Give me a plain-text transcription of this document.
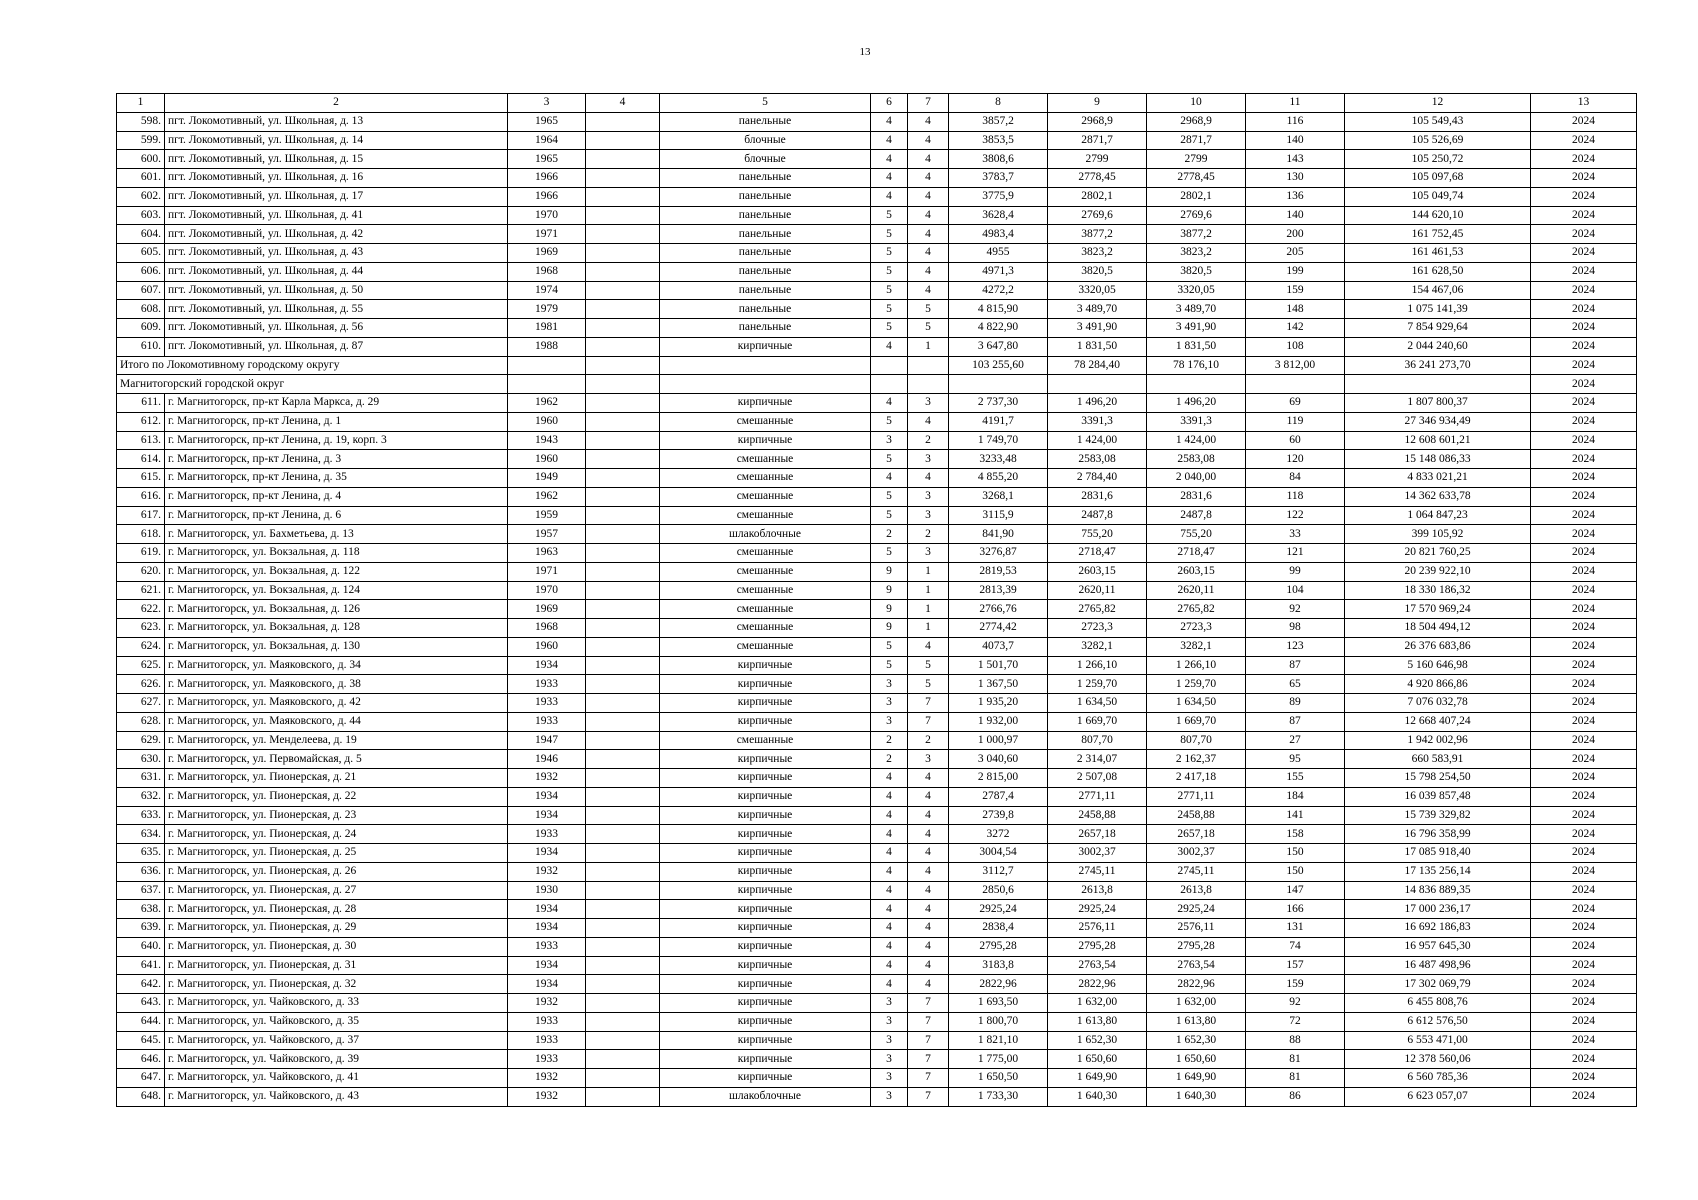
13
1	2	3	4	5	6	7	8	9	10	11	12	13
598.	пгт. Локомотивный, ул. Школьная, д. 13	1965		панельные	4	4	3857,2	2968,9	2968,9	116	105 549,43	2024
599.	пгт. Локомотивный, ул. Школьная, д. 14	1964		блочные	4	4	3853,5	2871,7	2871,7	140	105 526,69	2024
600.	пгт. Локомотивный, ул. Школьная, д. 15	1965		блочные	4	4	3808,6	2799	2799	143	105 250,72	2024
601.	пгт. Локомотивный, ул. Школьная, д. 16	1966		панельные	4	4	3783,7	2778,45	2778,45	130	105 097,68	2024
602.	пгт. Локомотивный, ул. Школьная, д. 17	1966		панельные	4	4	3775,9	2802,1	2802,1	136	105 049,74	2024
603.	пгт. Локомотивный, ул. Школьная, д. 41	1970		панельные	5	4	3628,4	2769,6	2769,6	140	144 620,10	2024
604.	пгт. Локомотивный, ул. Школьная, д. 42	1971		панельные	5	4	4983,4	3877,2	3877,2	200	161 752,45	2024
605.	пгт. Локомотивный, ул. Школьная, д. 43	1969		панельные	5	4	4955	3823,2	3823,2	205	161 461,53	2024
606.	пгт. Локомотивный, ул. Школьная, д. 44	1968		панельные	5	4	4971,3	3820,5	3820,5	199	161 628,50	2024
607.	пгт. Локомотивный, ул. Школьная, д. 50	1974		панельные	5	4	4272,2	3320,05	3320,05	159	154 467,06	2024
608.	пгт. Локомотивный, ул. Школьная, д. 55	1979		панельные	5	5	4 815,90	3 489,70	3 489,70	148	1 075 141,39	2024
609.	пгт. Локомотивный, ул. Школьная, д. 56	1981		панельные	5	5	4 822,90	3 491,90	3 491,90	142	7 854 929,64	2024
610.	пгт. Локомотивный, ул. Школьная, д. 87	1988		кирпичные	4	1	3 647,80	1 831,50	1 831,50	108	2 044 240,60	2024
Итого по Локомотивному городскому округу							103 255,60	78 284,40	78 176,10	3 812,00	36 241 273,70	2024
Магнитогорский городской округ												2024
611.	г. Магнитогорск, пр-кт Карла Маркса, д. 29	1962		кирпичные	4	3	2 737,30	1 496,20	1 496,20	69	1 807 800,37	2024
612.	г. Магнитогорск, пр-кт Ленина, д. 1	1960		смешанные	5	4	4191,7	3391,3	3391,3	119	27 346 934,49	2024
613.	г. Магнитогорск, пр-кт Ленина, д. 19, корп. 3	1943		кирпичные	3	2	1 749,70	1 424,00	1 424,00	60	12 608 601,21	2024
614.	г. Магнитогорск, пр-кт Ленина, д. 3	1960		смешанные	5	3	3233,48	2583,08	2583,08	120	15 148 086,33	2024
615.	г. Магнитогорск, пр-кт Ленина, д. 35	1949		смешанные	4	4	4 855,20	2 784,40	2 040,00	84	4 833 021,21	2024
616.	г. Магнитогорск, пр-кт Ленина, д. 4	1962		смешанные	5	3	3268,1	2831,6	2831,6	118	14 362 633,78	2024
617.	г. Магнитогорск, пр-кт Ленина, д. 6	1959		смешанные	5	3	3115,9	2487,8	2487,8	122	1 064 847,23	2024
618.	г. Магнитогорск, ул. Бахметьева, д. 13	1957		шлакоблочные	2	2	841,90	755,20	755,20	33	399 105,92	2024
619.	г. Магнитогорск, ул. Вокзальная, д. 118	1963		смешанные	5	3	3276,87	2718,47	2718,47	121	20 821 760,25	2024
620.	г. Магнитогорск, ул. Вокзальная, д. 122	1971		смешанные	9	1	2819,53	2603,15	2603,15	99	20 239 922,10	2024
621.	г. Магнитогорск, ул. Вокзальная, д. 124	1970		смешанные	9	1	2813,39	2620,11	2620,11	104	18 330 186,32	2024
622.	г. Магнитогорск, ул. Вокзальная, д. 126	1969		смешанные	9	1	2766,76	2765,82	2765,82	92	17 570 969,24	2024
623.	г. Магнитогорск, ул. Вокзальная, д. 128	1968		смешанные	9	1	2774,42	2723,3	2723,3	98	18 504 494,12	2024
624.	г. Магнитогорск, ул. Вокзальная, д. 130	1960		смешанные	5	4	4073,7	3282,1	3282,1	123	26 376 683,86	2024
625.	г. Магнитогорск, ул. Маяковского, д. 34	1934		кирпичные	5	5	1 501,70	1 266,10	1 266,10	87	5 160 646,98	2024
626.	г. Магнитогорск, ул. Маяковского, д. 38	1933		кирпичные	3	5	1 367,50	1 259,70	1 259,70	65	4 920 866,86	2024
627.	г. Магнитогорск, ул. Маяковского, д. 42	1933		кирпичные	3	7	1 935,20	1 634,50	1 634,50	89	7 076 032,78	2024
628.	г. Магнитогорск, ул. Маяковского, д. 44	1933		кирпичные	3	7	1 932,00	1 669,70	1 669,70	87	12 668 407,24	2024
629.	г. Магнитогорск, ул. Менделеева, д. 19	1947		смешанные	2	2	1 000,97	807,70	807,70	27	1 942 002,96	2024
630.	г. Магнитогорск, ул. Первомайская, д. 5	1946		кирпичные	2	3	3 040,60	2 314,07	2 162,37	95	660 583,91	2024
631.	г. Магнитогорск, ул. Пионерская, д. 21	1932		кирпичные	4	4	2 815,00	2 507,08	2 417,18	155	15 798 254,50	2024
632.	г. Магнитогорск, ул. Пионерская, д. 22	1934		кирпичные	4	4	2787,4	2771,11	2771,11	184	16 039 857,48	2024
633.	г. Магнитогорск, ул. Пионерская, д. 23	1934		кирпичные	4	4	2739,8	2458,88	2458,88	141	15 739 329,82	2024
634.	г. Магнитогорск, ул. Пионерская, д. 24	1933		кирпичные	4	4	3272	2657,18	2657,18	158	16 796 358,99	2024
635.	г. Магнитогорск, ул. Пионерская, д. 25	1934		кирпичные	4	4	3004,54	3002,37	3002,37	150	17 085 918,40	2024
636.	г. Магнитогорск, ул. Пионерская, д. 26	1932		кирпичные	4	4	3112,7	2745,11	2745,11	150	17 135 256,14	2024
637.	г. Магнитогорск, ул. Пионерская, д. 27	1930		кирпичные	4	4	2850,6	2613,8	2613,8	147	14 836 889,35	2024
638.	г. Магнитогорск, ул. Пионерская, д. 28	1934		кирпичные	4	4	2925,24	2925,24	2925,24	166	17 000 236,17	2024
639.	г. Магнитогорск, ул. Пионерская, д. 29	1934		кирпичные	4	4	2838,4	2576,11	2576,11	131	16 692 186,83	2024
640.	г. Магнитогорск, ул. Пионерская, д. 30	1933		кирпичные	4	4	2795,28	2795,28	2795,28	74	16 957 645,30	2024
641.	г. Магнитогорск, ул. Пионерская, д. 31	1934		кирпичные	4	4	3183,8	2763,54	2763,54	157	16 487 498,96	2024
642.	г. Магнитогорск, ул. Пионерская, д. 32	1934		кирпичные	4	4	2822,96	2822,96	2822,96	159	17 302 069,79	2024
643.	г. Магнитогорск, ул. Чайковского, д. 33	1932		кирпичные	3	7	1 693,50	1 632,00	1 632,00	92	6 455 808,76	2024
644.	г. Магнитогорск, ул. Чайковского, д. 35	1933		кирпичные	3	7	1 800,70	1 613,80	1 613,80	72	6 612 576,50	2024
645.	г. Магнитогорск, ул. Чайковского, д. 37	1933		кирпичные	3	7	1 821,10	1 652,30	1 652,30	88	6 553 471,00	2024
646.	г. Магнитогорск, ул. Чайковского, д. 39	1933		кирпичные	3	7	1 775,00	1 650,60	1 650,60	81	12 378 560,06	2024
647.	г. Магнитогорск, ул. Чайковского, д. 41	1932		кирпичные	3	7	1 650,50	1 649,90	1 649,90	81	6 560 785,36	2024
648.	г. Магнитогорск, ул. Чайковского, д. 43	1932		шлакоблочные	3	7	1 733,30	1 640,30	1 640,30	86	6 623 057,07	2024
